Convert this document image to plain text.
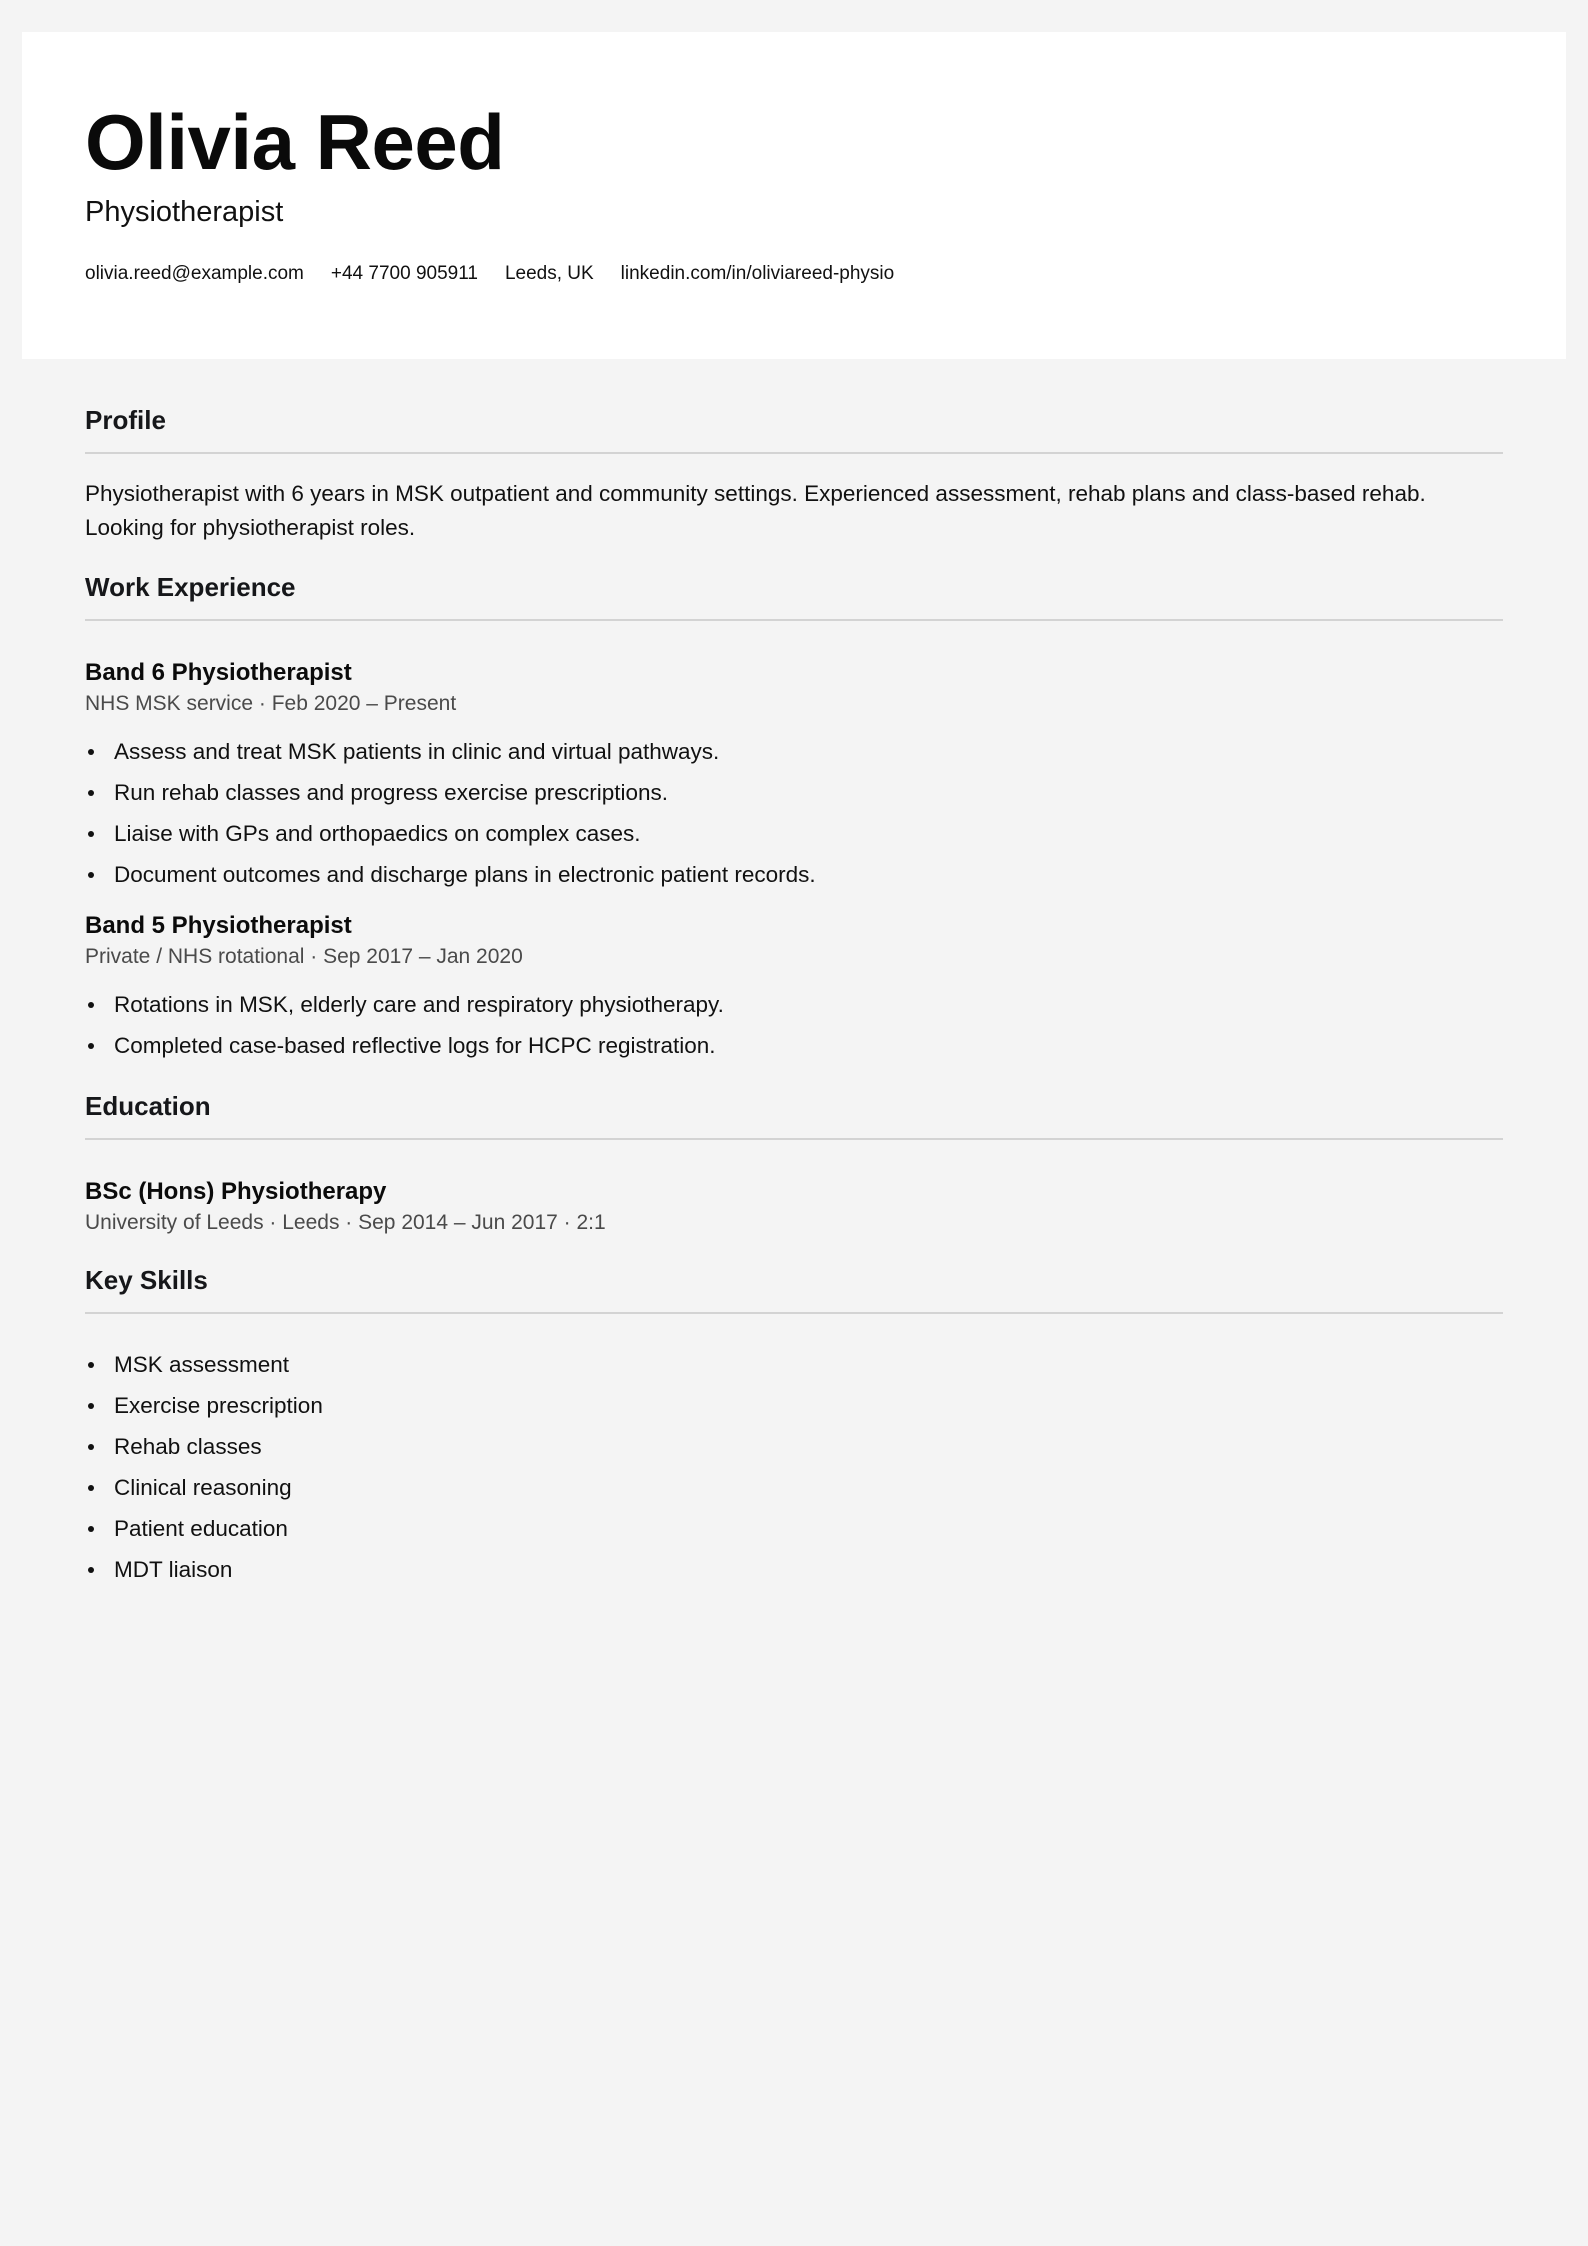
Olivia Reed
Physiotherapist
olivia.reed@example.com +44 7700 905911 Leeds, UK linkedin.com/in/oliviareed-physio
Profile

Physiotherapist with 6 years in MSK outpatient and community settings. Experienced assessment, rehab plans and class-based rehab. Looking for physiotherapist roles.

Work Experience
Band 6 Physiotherapist
NHS MSK service · Feb 2020 – Present
Assess and treat MSK patients in clinic and virtual pathways.
Run rehab classes and progress exercise prescriptions.
Liaise with GPs and orthopaedics on complex cases.
Document outcomes and discharge plans in electronic patient records.
Band 5 Physiotherapist
Private / NHS rotational · Sep 2017 – Jan 2020
Rotations in MSK, elderly care and respiratory physiotherapy.
Completed case-based reflective logs for HCPC registration.
Education
BSc (Hons) Physiotherapy
University of Leeds · Leeds · Sep 2014 – Jun 2017 · 2:1
Key Skills
MSK assessment
Exercise prescription
Rehab classes
Clinical reasoning
Patient education
MDT liaison
